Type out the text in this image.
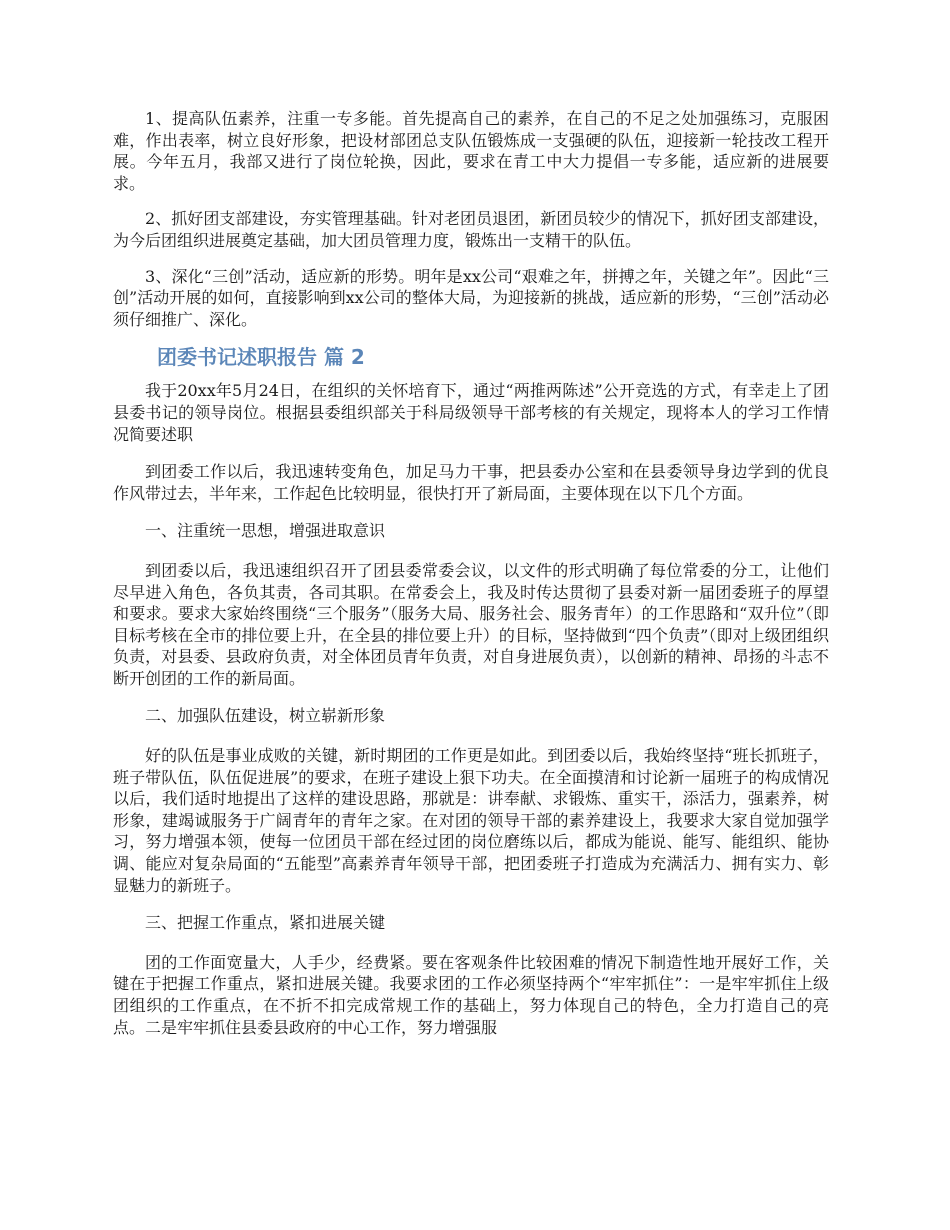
1、提高队伍素养，注重一专多能。首先提高自己的素养，在自己的不足之处加强练习，克服困难，作出表率，树立良好形象，把设材部团总支队伍锻炼成一支强硬的队伍，迎接新一轮技改工程开展。今年五月，我部又进行了岗位轮换，因此，要求在青工中大力提倡一专多能，适应新的进展要求。

2、抓好团支部建设，夯实管理基础。针对老团员退团，新团员较少的情况下，抓好团支部建设，为今后团组织进展奠定基础，加大团员管理力度，锻炼出一支精干的队伍。

3、深化“三创”活动，适应新的形势。明年是xx公司“艰难之年，拼搏之年，关键之年”。因此“三创”活动开展的如何，直接影响到xx公司的整体大局，为迎接新的挑战，适应新的形势，“三创”活动必须仔细推广、深化。

团委书记述职报告 篇 2

我于20xx年5月24日，在组织的关怀培育下，通过“两推两陈述”公开竞选的方式，有幸走上了团县委书记的领导岗位。根据县委组织部关于科局级领导干部考核的有关规定，现将本人的学习工作情况简要述职

到团委工作以后，我迅速转变角色，加足马力干事，把县委办公室和在县委领导身边学到的优良作风带过去，半年来，工作起色比较明显，很快打开了新局面，主要体现在以下几个方面。

一、注重统一思想，增强进取意识

到团委以后，我迅速组织召开了团县委常委会议，以文件的形式明确了每位常委的分工，让他们尽早进入角色，各负其责，各司其职。在常委会上，我及时传达贯彻了县委对新一届团委班子的厚望和要求。要求大家始终围绕“三个服务”（服务大局、服务社会、服务青年）的工作思路和“双升位”（即目标考核在全市的排位要上升，在全县的排位要上升）的目标，坚持做到“四个负责”（即对上级团组织负责，对县委、县政府负责，对全体团员青年负责，对自身进展负责），以创新的精神、昂扬的斗志不断开创团的工作的新局面。

二、加强队伍建设，树立崭新形象

好的队伍是事业成败的关键，新时期团的工作更是如此。到团委以后，我始终坚持“班长抓班子，班子带队伍，队伍促进展”的要求，在班子建设上狠下功夫。在全面摸清和讨论新一届班子的构成情况以后，我们适时地提出了这样的建设思路，那就是：讲奉献、求锻炼、重实干，添活力，强素养，树形象，建竭诚服务于广阔青年的青年之家。在对团的领导干部的素养建设上，我要求大家自觉加强学习，努力增强本领，使每一位团员干部在经过团的岗位磨练以后，都成为能说、能写、能组织、能协调、能应对复杂局面的“五能型”高素养青年领导干部，把团委班子打造成为充满活力、拥有实力、彰显魅力的新班子。

三、把握工作重点，紧扣进展关键

团的工作面宽量大，人手少，经费紧。要在客观条件比较困难的情况下制造性地开展好工作，关键在于把握工作重点，紧扣进展关键。我要求团的工作必须坚持两个“牢牢抓住”：一是牢牢抓住上级团组织的工作重点，在不折不扣完成常规工作的基础上，努力体现自己的特色，全力打造自己的亮点。二是牢牢抓住县委县政府的中心工作，努力增强服
